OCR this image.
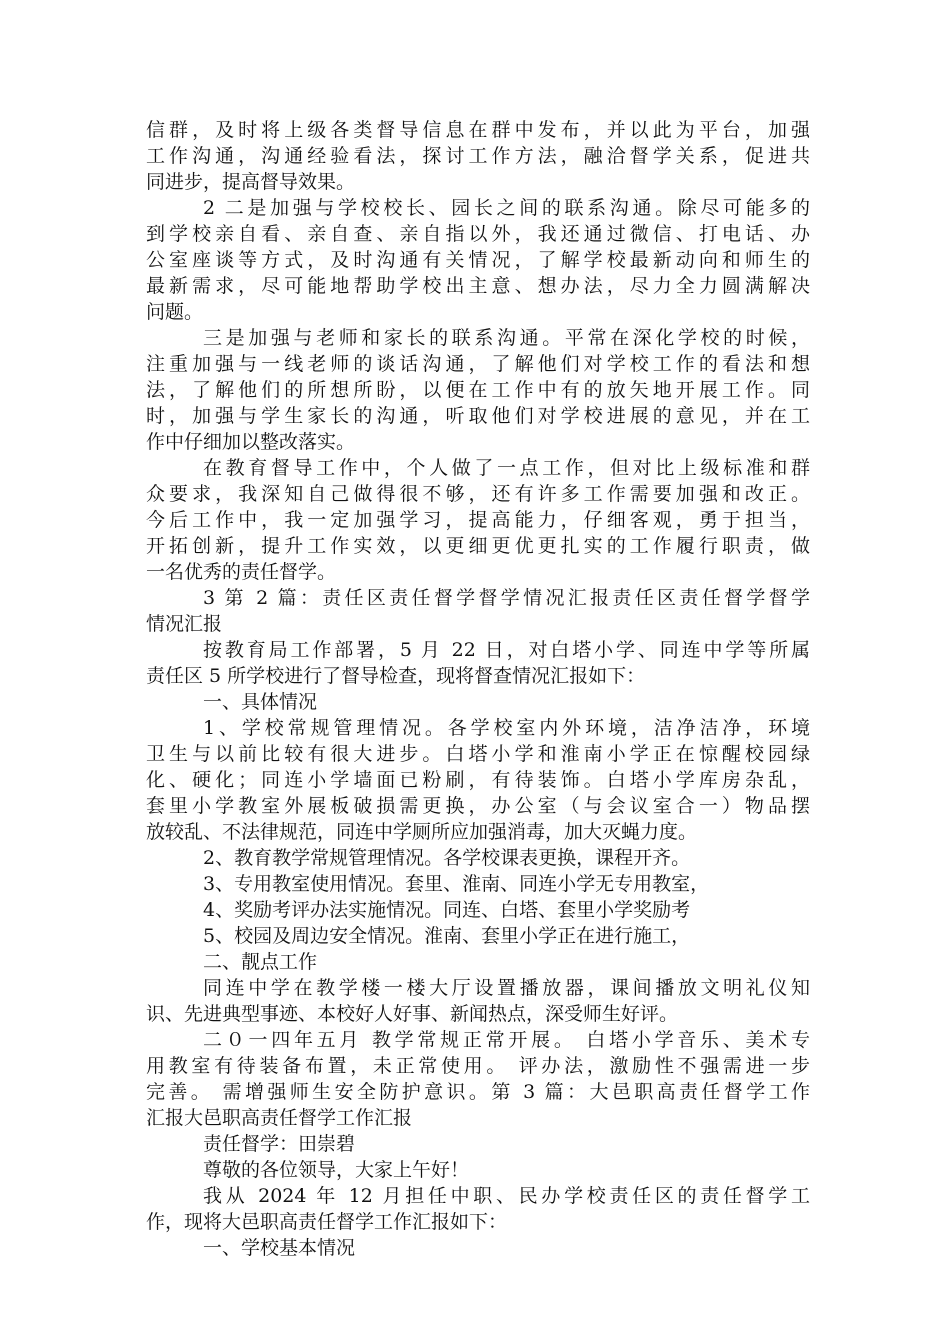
信群，及时将上级各类督导信息在群中发布，并以此为平台，加强
工作沟通，沟通经验看法，探讨工作方法，融洽督学关系，促进共
同进步，提高督导效果。
2 二是加强与学校校长、园长之间的联系沟通。除尽可能多的
到学校亲自看、亲自查、亲自指以外，我还通过微信、打电话、办
公室座谈等方式，及时沟通有关情况，了解学校最新动向和师生的
最新需求，尽可能地帮助学校出主意、想办法，尽力全力圆满解决
问题。
三是加强与老师和家长的联系沟通。平常在深化学校的时候，
注重加强与一线老师的谈话沟通，了解他们对学校工作的看法和想
法，了解他们的所想所盼，以便在工作中有的放矢地开展工作。同
时，加强与学生家长的沟通，听取他们对学校进展的意见，并在工
作中仔细加以整改落实。
在教育督导工作中，个人做了一点工作，但对比上级标准和群
众要求，我深知自己做得很不够，还有许多工作需要加强和改正。
今后工作中，我一定加强学习，提高能力，仔细客观，勇于担当，
开拓创新，提升工作实效，以更细更优更扎实的工作履行职责，做
一名优秀的责任督学。
3 第 2 篇：责任区责任督学督学情况汇报责任区责任督学督学
情况汇报
按教育局工作部署，5 月 22 日，对白塔小学、同连中学等所属
责任区 5 所学校进行了督导检查，现将督查情况汇报如下：
一、具体情况
1、学校常规管理情况。各学校室内外环境，洁净洁净，环境
卫生与以前比较有很大进步。白塔小学和淮南小学正在惊醒校园绿
化、硬化；同连小学墙面已粉刷，有待装饰。白塔小学库房杂乱，
套里小学教室外展板破损需更换，办公室（与会议室合一）物品摆
放较乱、不法律规范，同连中学厕所应加强消毒，加大灭蝇力度。
2、教育教学常规管理情况。各学校课表更换，课程开齐。
3、专用教室使用情况。套里、淮南、同连小学无专用教室，
4、奖励考评办法实施情况。同连、白塔、套里小学奖励考
5、校园及周边安全情况。淮南、套里小学正在进行施工，
二、靓点工作
同连中学在教学楼一楼大厅设置播放器，课间播放文明礼仪知
识、先进典型事迹、本校好人好事、新闻热点，深受师生好评。
二０一四年五月 教学常规正常开展。 白塔小学音乐、美术专
用教室有待装备布置，未正常使用。 评办法，激励性不强需进一步
完善。 需增强师生安全防护意识。第 3 篇：大邑职高责任督学工作
汇报大邑职高责任督学工作汇报
责任督学：田崇碧
尊敬的各位领导，大家上午好！
我从 2024 年 12 月担任中职、民办学校责任区的责任督学工
作，现将大邑职高责任督学工作汇报如下：
一、学校基本情况
